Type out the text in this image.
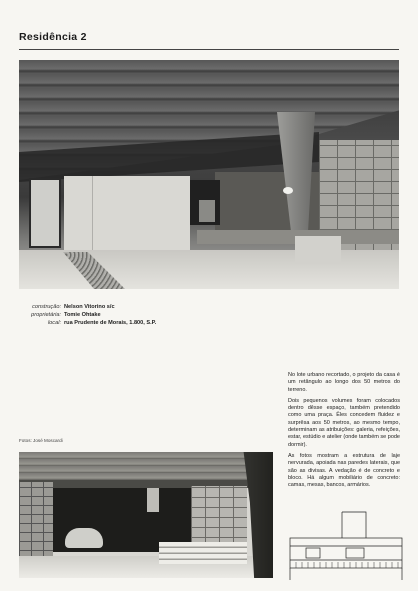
Residência 2
construção: Nelson Vitorino s/c
proprietária: Tomie Ohtake
local: rua Prudente de Morais, 1.800, S.P.

No lote urbano recortado, o projeto da casa é um retângulo ao longo dos 50 metros do terreno.

Dois pequenos volumes foram colocados dentro dêsse espaço, também pretendido como uma praça. Êles concedem fluidez e surprêsa aos 50 metros, ao mesmo tempo, determinam as atribuições: galeria, refeições, estar, estúdio e atelier (onde também se pode dormir).

As fotos mostram a estrutura de laje nervurada, apoiada nas paredes laterais, que são as divisas. A vedação é de concreto e bloco. Há algum mobiliário de concreto: camas, mesas, bancos, armários.

Fotos: José Moscardi
